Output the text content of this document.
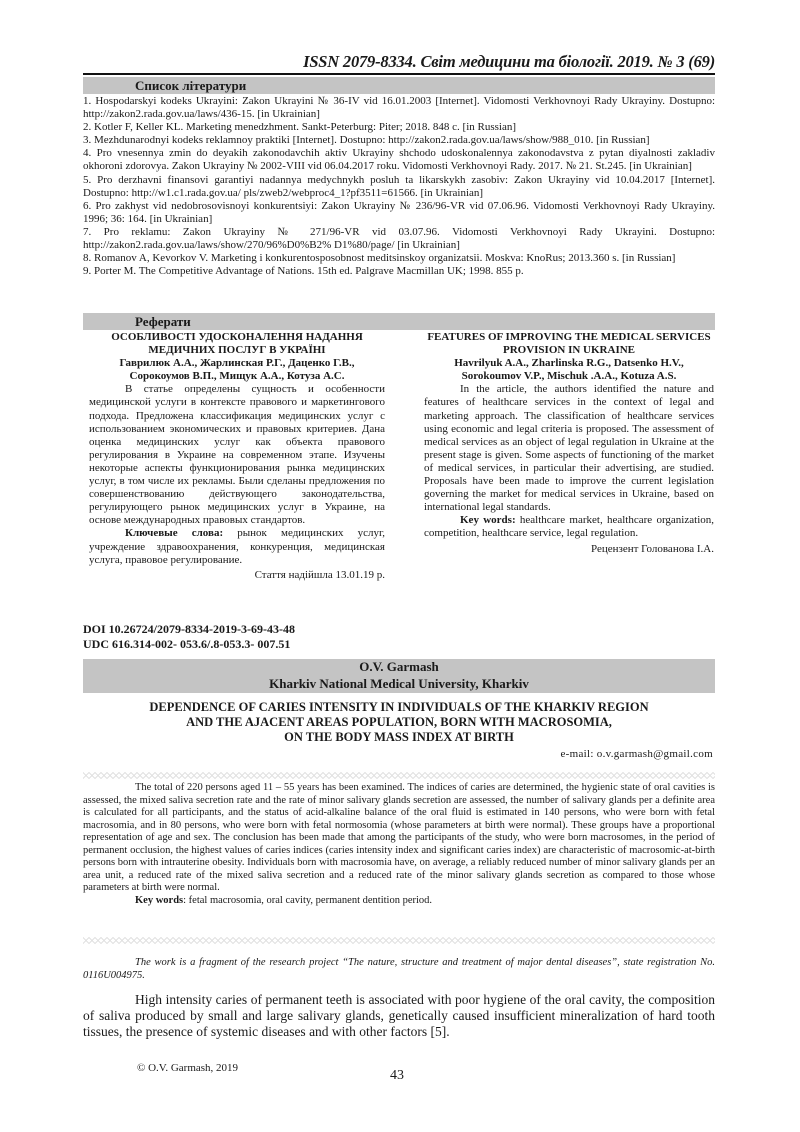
ISSN 2079-8334. Світ медицини та біології. 2019. № 3 (69)
Список літератури

1. Hospodarskyi kodeks Ukrayini: Zakon Ukrayini № 36-IV vid 16.01.2003 [Internet]. Vidomosti Verkhovnoyi Rady Ukrayiny. Dostupno: http://zakon2.rada.gov.ua/laws/436-15. [in Ukrainian]

2. Kotler F, Keller KL. Marketing menedzhment. Sankt-Peterburg: Piter; 2018. 848 c. [in Russian]

3. Mezhdunarodnyi kodeks reklamnoy praktiki [Internet]. Dostupno: http://zakon2.rada.gov.ua/laws/show/988_010. [in Russian]

4. Pro vnesennya zmin do deyakih zakonodavchih aktiv Ukrayiny shchodo udoskonalennya zakonodavstva z pytan diyalnosti zakladiv okhoroni zdorovya. Zakon Ukrayiny № 2002-VIII vid 06.04.2017 roku. Vidomosti Verkhovnoyi Rady. 2017. № 21. St.245. [in Ukrainian]

5. Pro derzhavni finansovi garantiyi nadannya medychnykh posluh ta likarskykh zasobiv: Zakon Ukrayiny vid 10.04.2017 [Internet]. Dostupno: http://w1.c1.rada.gov.ua/ pls/zweb2/webproc4_1?pf3511=61566. [in Ukrainian]

6. Pro zakhyst vid nedobrosovisnoyi konkurentsiyi: Zakon Ukrayiny № 236/96-VR vid 07.06.96. Vidomosti Verkhovnoyi Rady Ukrayiny. 1996; 36: 164. [in Ukrainian]

7. Pro reklamu: Zakon Ukrayiny № 271/96-VR vid 03.07.96. Vidomosti Verkhovnoyi Rady Ukrayini. Dostupno: http://zakon2.rada.gov.ua/laws/show/270/96%D0%B2% D1%80/page/ [in Ukrainian]

8. Romanov A, Kevorkov V. Marketing i konkurentosposobnost meditsinskoy organizatsii. Moskva: KnoRus; 2013.360 s. [in Russian]

9. Porter M. The Competitive Advantage of Nations. 15th ed. Palgrave Macmillan UK; 1998. 855 p.

Реферати

ОСОБЛИВОСТІ УДОСКОНАЛЕННЯ НАДАННЯ МЕДИЧНИХ ПОСЛУГ В УКРАЇНІ

Гаврилюк А.А., Жарлинская Р.Г., Даценко Г.В., Сорокоумов В.П., Мищук А.А., Котуза А.С.

В статье определены сущность и особенности медицинской услуги в контексте правового и маркетингового подхода. Предложена классификация медицинских услуг с использованием экономических и правовых критериев. Дана оценка медицинских услуг как объекта правового регулирования в Украине на современном этапе. Изучены некоторые аспекты функционирования рынка медицинских услуг, в том числе их рекламы. Были сделаны предложения по совершенствованию действующего законодательства, регулирующего рынок медицинских услуг в Украине, на основе международных правовых стандартов.

Ключевые слова: рынок медицинских услуг, учреждение здравоохранения, конкуренция, медицинская услуга, правовое регулирование.

Стаття надійшла 13.01.19 р.

FEATURES OF IMPROVING THE MEDICAL SERVICES PROVISION IN UKRAINE

Havrilyuk A.A., Zharlinska R.G., Datsenko H.V., Sorokoumov V.P., Mischuk .A.A., Kotuza A.S.

In the article, the authors identified the nature and features of healthcare services in the context of legal and marketing approach. The classification of healthcare services using economic and legal criteria is proposed. The assessment of medical services as an object of legal regulation in Ukraine at the present stage is given. Some aspects of functioning of the market of medical services, in particular their advertising, are studied. Proposals have been made to improve the current legislation governing the market for medical services in Ukraine, based on international legal standards.

Key words: healthcare market, healthcare organization, competition, healthcare service, legal regulation.

Рецензент Голованова І.А.

DOI 10.26724/2079-8334-2019-3-69-43-48
UDC 616.314-002- 053.6/.8-053.3- 007.51
O.V. Garmash
Kharkiv National Medical University, Kharkiv
DEPENDENCE OF CARIES INTENSITY IN INDIVIDUALS OF THE KHARKIV REGION
AND THE AJACENT AREAS POPULATION, BORN WITH MACROSOMIA,
ON THE BODY MASS INDEX AT BIRTH
e-mail: o.v.garmash@gmail.com

The total of 220 persons aged 11 – 55 years has been examined. The indices of caries are determined, the hygienic state of oral cavities is assessed, the mixed saliva secretion rate and the rate of minor salivary glands secretion are assessed, the number of salivary glands per a definite area is calculated for all participants, and the status of acid-alkaline balance of the oral fluid is estimated in 140 persons, who were born with fetal macrosomia, and in 80 persons, who were born with fetal normosomia (whose parameters at birth were normal). These groups have a proportional representation of age and sex. The conclusion has been made that among the participants of the study, who were born macrosomes, in the period of permanent occlusion, the highest values of caries indices (caries intensity index and significant caries index) are characteristic of macrosomic-at-birth persons born with intrauterine obesity. Individuals born with macrosomia have, on average, a reliably reduced number of minor salivary glands per an area unit, a reduced rate of the mixed saliva secretion and a reduced rate of the minor salivary glands secretion as compared to those whose parameters at birth were normal.

Key words: fetal macrosomia, oral cavity, permanent dentition period.

The work is a fragment of the research project “The nature, structure and treatment of major dental diseases”, state registration No. 0116U004975.

High intensity caries of permanent teeth is associated with poor hygiene of the oral cavity, the composition of saliva produced by small and large salivary glands, genetically caused insufficient mineralization of hard tooth tissues, the presence of systemic diseases and with other factors [5].

© O.V. Garmash, 2019	43
